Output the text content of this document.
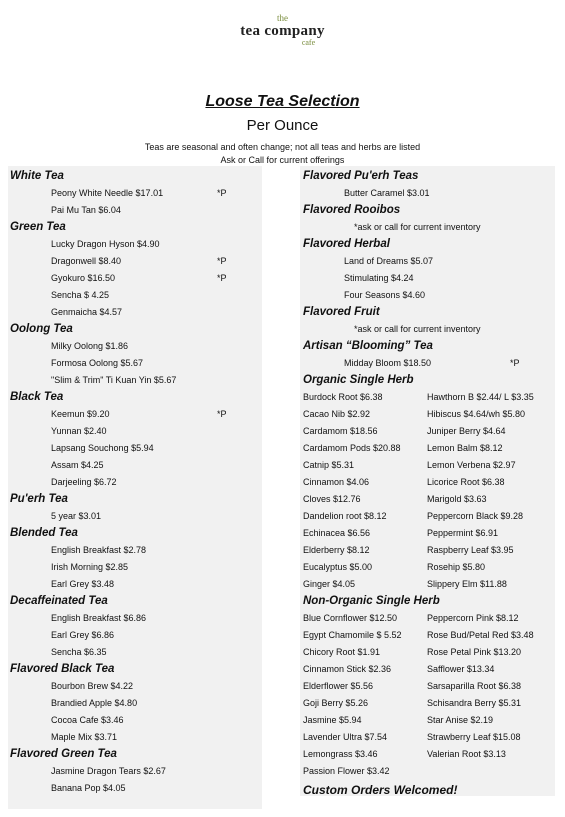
the
tea company
cafe
Loose Tea Selection
Per Ounce
Teas are seasonal and often change; not all teas and herbs are listed
Ask or Call for current offerings
White Tea
Peony White Needle $17.01	*P
Pai Mu Tan $6.04
Green Tea
Lucky Dragon Hyson $4.90
Dragonwell $8.40	*P
Gyokuro $16.50	*P
Sencha $ 4.25
Genmaicha $4.57
Oolong Tea
Milky Oolong $1.86
Formosa Oolong $5.67
"Slim & Trim" Ti Kuan Yin $5.67
Black Tea
Keemun $9.20	*P
Yunnan $2.40
Lapsang Souchong $5.94
Assam $4.25
Darjeeling $6.72
Pu'erh Tea
5 year $3.01
Blended Tea
English Breakfast $2.78
Irish Morning $2.85
Earl Grey $3.48
Decaffeinated Tea
English Breakfast $6.86
Earl Grey $6.86
Sencha $6.35
Flavored Black Tea
Bourbon Brew $4.22
Brandied Apple $4.80
Cocoa Cafe $3.46
Maple Mix $3.71
Flavored Green Tea
Jasmine Dragon Tears $2.67
Banana Pop $4.05
Flavored Pu'erh Teas
Butter Caramel $3.01
Flavored Rooibos
*ask or call for current inventory
Flavored Herbal
Land of Dreams $5.07
Stimulating $4.24
Four Seasons $4.60
Flavored Fruit
*ask or call for current inventory
Artisan “Blooming” Tea
Midday Bloom $18.50	*P
Organic Single Herb
Burdock Root $6.38	Hawthorn B $2.44/ L $3.35
Cacao Nib $2.92	Hibiscus $4.64/wh $5.80
Cardamom $18.56	Juniper Berry $4.64
Cardamom Pods $20.88	Lemon Balm $8.12
Catnip $5.31	Lemon Verbena $2.97
Cinnamon $4.06	Licorice Root $6.38
Cloves $12.76	Marigold $3.63
Dandelion root $8.12	Peppercorn Black $9.28
Echinacea $6.56	Peppermint $6.91
Elderberry $8.12	Raspberry Leaf $3.95
Eucalyptus $5.00	Rosehip $5.80
Ginger $4.05	Slippery Elm $11.88
Non-Organic Single Herb
Blue Cornflower $12.50	Peppercorn Pink $8.12
Egypt Chamomile $ 5.52	Rose Bud/Petal Red $3.48
Chicory Root $1.91	Rose Petal Pink $13.20
Cinnamon Stick $2.36	Safflower $13.34
Elderflower $5.56	Sarsaparilla Root $6.38
Goji Berry $5.26	Schisandra Berry $5.31
Jasmine $5.94	Star Anise $2.19
Lavender Ultra $7.54	Strawberry Leaf $15.08
Lemongrass $3.46	Valerian Root $3.13
Passion Flower $3.42
Custom Orders Welcomed!
